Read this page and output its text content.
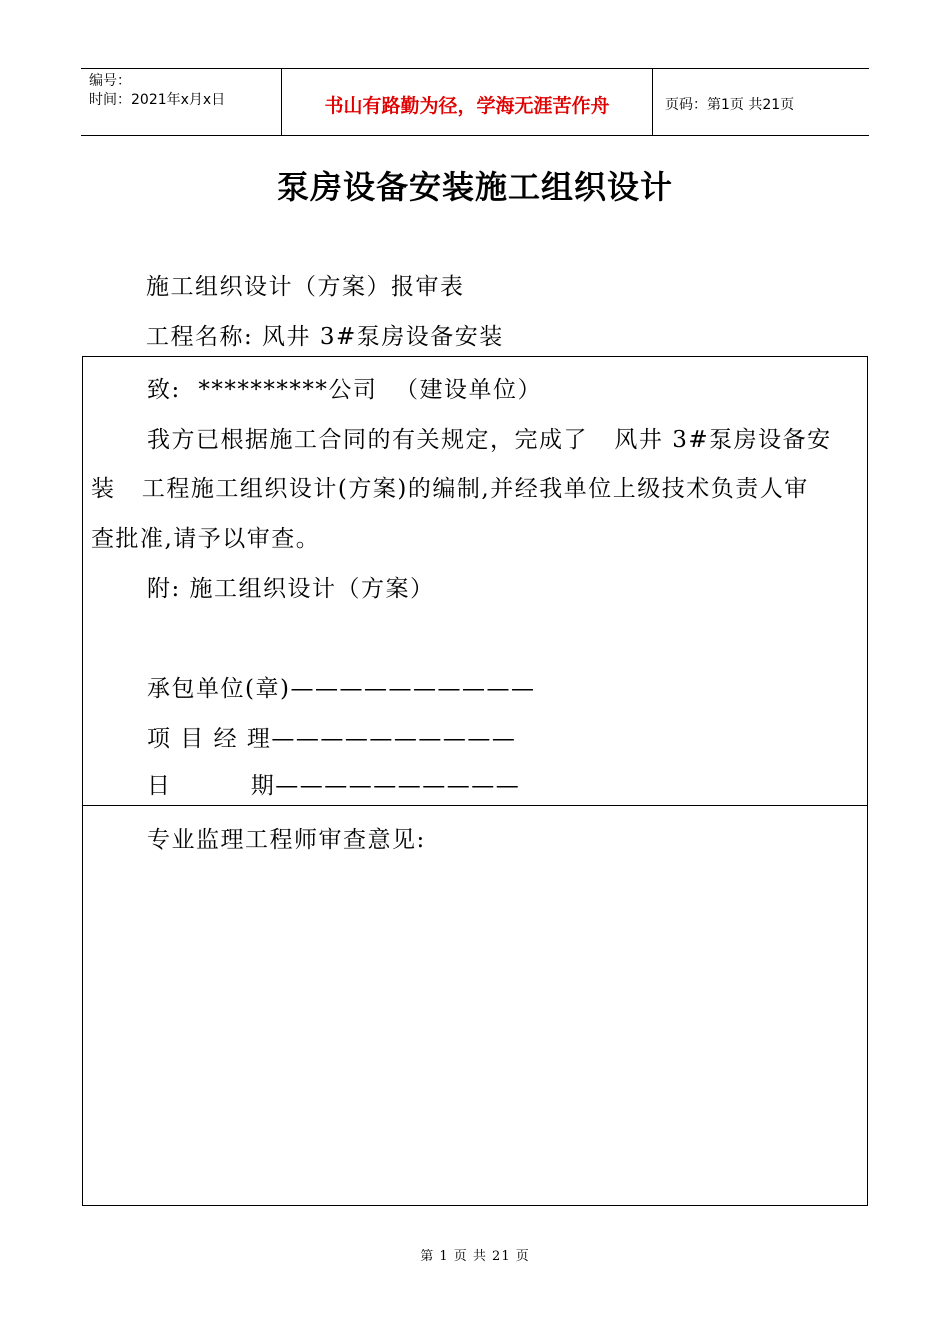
编号：
时间：2021年x月x日	书山有路勤为径，学海无涯苦作舟	页码：第1页 共21页
泵房设备安装施工组织设计
施工组织设计（方案）报审表
工程名称: 风井 3#泵房设备安装
致:  **********公司  （建设单位）
我方已根据施工合同的有关规定，完成了   风井 3#泵房设备安
装   工程施工组织设计(方案)的编制,并经我单位上级技术负责人审
查批准,请予以审查。
附: 施工组织设计（方案）
承包单位(章)——————————
项 目 经 理——————————
日         期——————————
专业监理工程师审查意见:
第 1 页 共 21 页
